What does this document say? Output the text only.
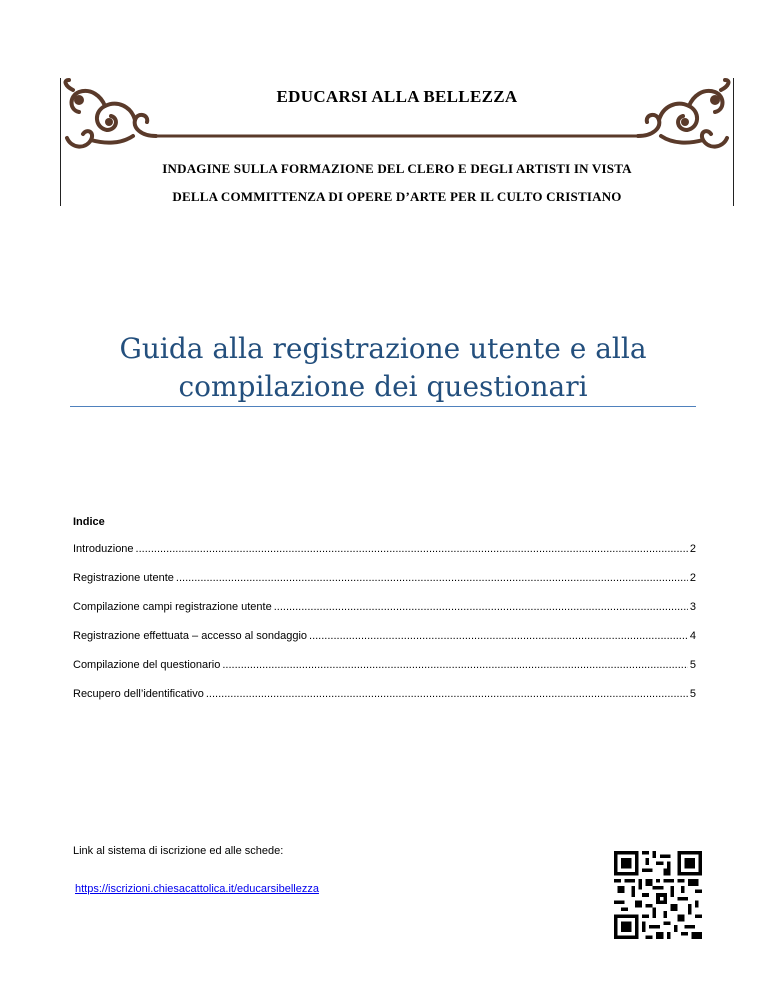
EDUCARSI ALLA BELLEZZA
INDAGINE SULLA FORMAZIONE DEL CLERO E DEGLI ARTISTI IN VISTA
DELLA COMMITTENZA DI OPERE D’ARTE PER IL CULTO CRISTIANO
Guida alla registrazione utente e alla
compilazione dei questionari
Indice
Introduzione .....	2
Registrazione utente .....	2
Compilazione campi registrazione utente .....	3
Registrazione effettuata – accesso al sondaggio .....	4
Compilazione del questionario .....	5
Recupero dell’identificativo .....	5
Link al sistema di iscrizione ed alle schede:
https://iscrizioni.chiesacattolica.it/educarsibellezza
